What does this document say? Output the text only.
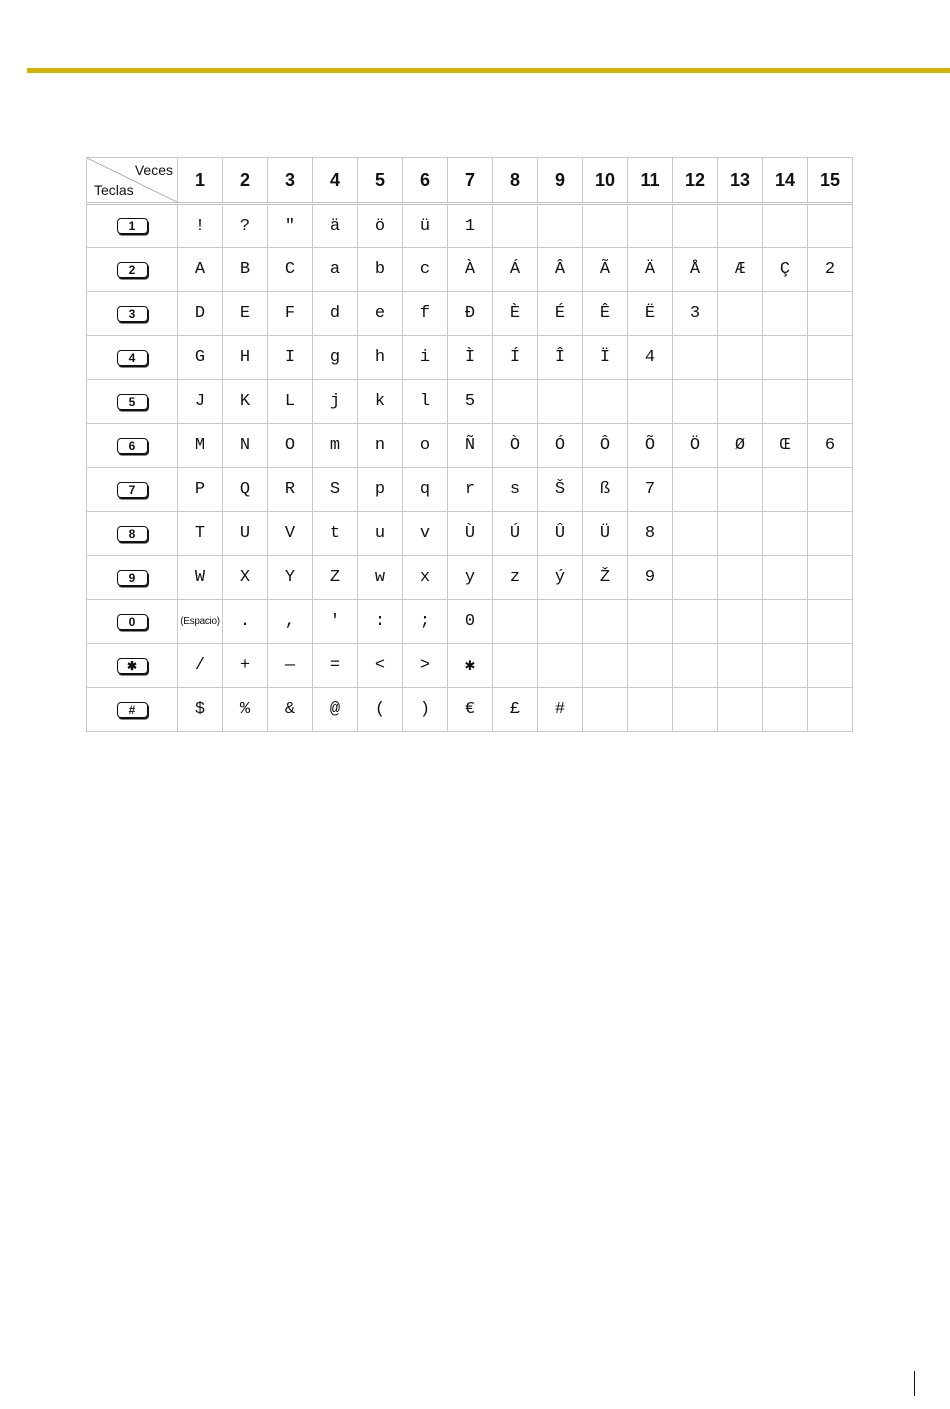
Veces
Teclas	1	2	3	4	5	6	7	8	9	10	11	12	13	14	15
1	!	?	"	ä	ö	ü	1								
2	A	B	C	a	b	c	À	Á	Â	Ã	Ä	Å	Æ	Ç	2
3	D	E	F	d	e	f	Đ	È	É	Ê	Ë	3			
4	G	H	I	g	h	i	Ì	Í	Î	Ï	4				
5	J	K	L	j	k	l	5								
6	M	N	O	m	n	o	Ñ	Ò	Ó	Ô	Õ	Ö	Ø	Œ	6
7	P	Q	R	S	p	q	r	s	Š	ß	7				
8	T	U	V	t	u	v	Ù	Ú	Û	Ü	8				
9	W	X	Y	Z	w	x	y	z	ý	Ž	9				
0	(Espacio)	.	,	'	:	;	0								
✱	/	+	—	=	<	>	✱								
#	$	%	&	@	(	)	€	£	#						
